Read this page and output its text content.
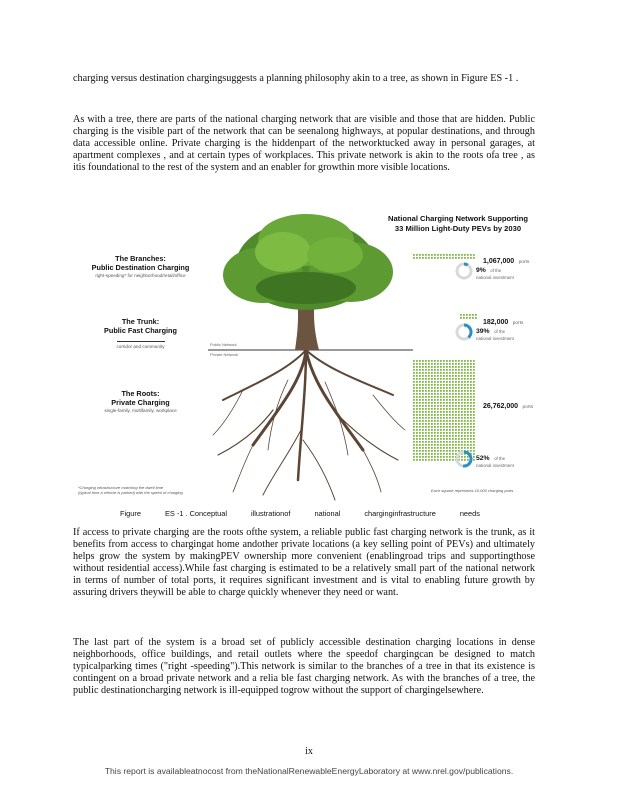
charging versus destination chargingsuggests a planning philosophy akin to a tree, as shown in Figure ES -1 .

As with a tree, there are parts of the national charging network that are visible and those that are hidden. Public charging is the visible part of the network that can be seenalong highways, at popular destinations, and through data accessible online. Private charging is the hiddenpart of the networktucked away in personal garages, at apartment complexes , and at certain types of workplaces. This private network is akin to the roots ofa tree , as itis foundational to the rest of the system and an enabler for growthin more visible locations.

National Charging Network Supporting
33 Million Light-Duty PEVs by 2030
The Branches:
Public Destination Charging
right-speeding* for neighborhood/retail/office
The Trunk:
Public Fast Charging
corridor and community
The Roots:
Private Charging
single-family, multifamily, workplace
Public Network
Private Network
1,067,000 ports
9% of the
national investment
182,000 ports
39% of the
national investment
26,762,000 ports
52% of the
national investment
*Charging infrastructure matching the dwell time
(typical time a vehicle is parked) with the speed of charging	Each square represents 10,000 charging ports
Figure	ES -1 . Conceptual	illustrationof	national	charginginfrastructure	needs

If access to private charging are the roots ofthe system, a reliable public fast charging network is the trunk, as it benefits from access to chargingat home andother private locations (a key selling point of PEVs) and ultimately helps grow the system by makingPEV ownership more convenient (enablingroad trips and supportingthose without residential access).While fast charging is estimated to be a relatively small part of the national network in terms of number of total ports, it requires significant investment and is vital to enabling future growth by assuring drivers theywill be able to charge quickly whenever they need or want.

The last part of the system is a broad set of publicly accessible destination charging locations in dense neighborhoods, office buildings, and retail outlets where the speedof chargingcan be designed to match typicalparking times ("right -speeding").This network is similar to the branches of a tree in that its existence is contingent on a broad private network and a relia ble fast charging network. As with the branches of a tree, the public destinationcharging network is ill-equipped togrow without the support of chargingelsewhere.

ix
This report is availableatnocost from theNationalRenewableEnergyLaboratory at www.nrel.gov/publications.
